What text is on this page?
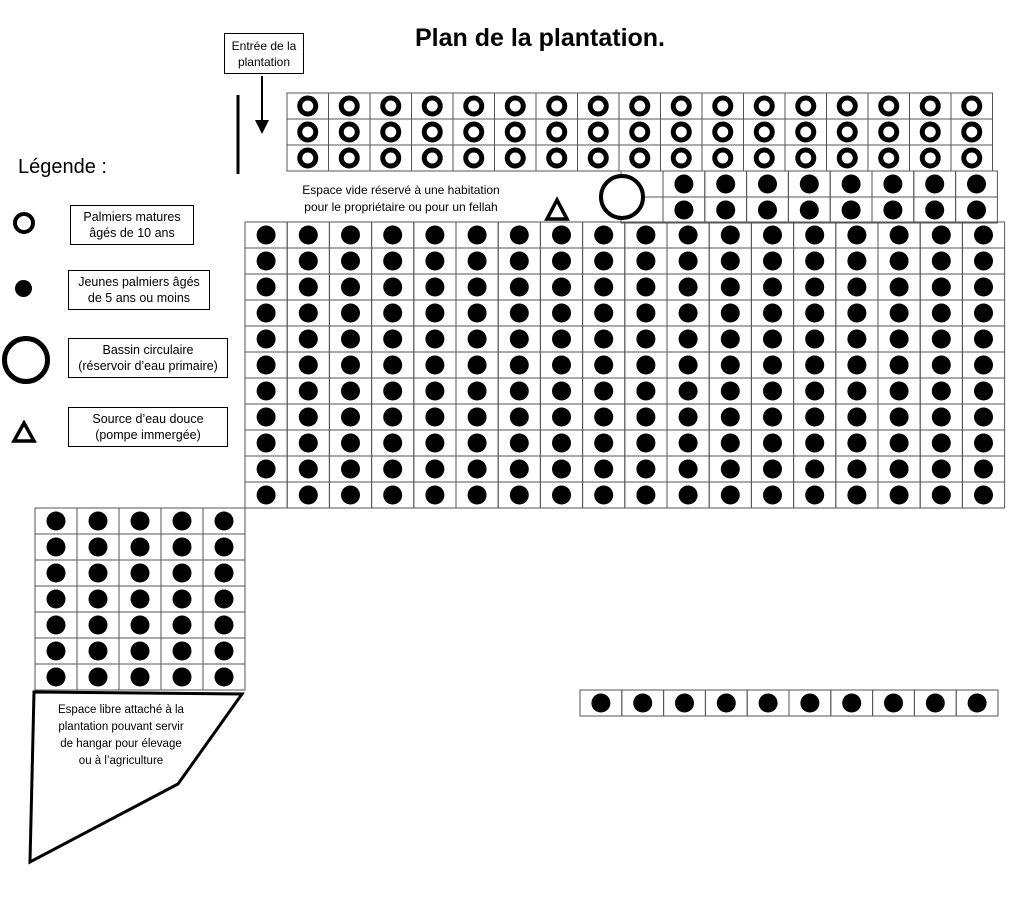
Plan de la plantation.
Entrée de la
plantation
Légende :
Palmiers matures
âgés de 10 ans
Jeunes palmiers âgés
de 5 ans ou moins
Bassin circulaire
(réservoir d’eau primaire)
Source d’eau douce
(pompe immergée)
Espace vide réservé à une habitation
pour le propriétaire ou pour un fellah
Espace libre attaché à la
plantation pouvant servir
de hangar pour élevage
ou à l’agriculture
